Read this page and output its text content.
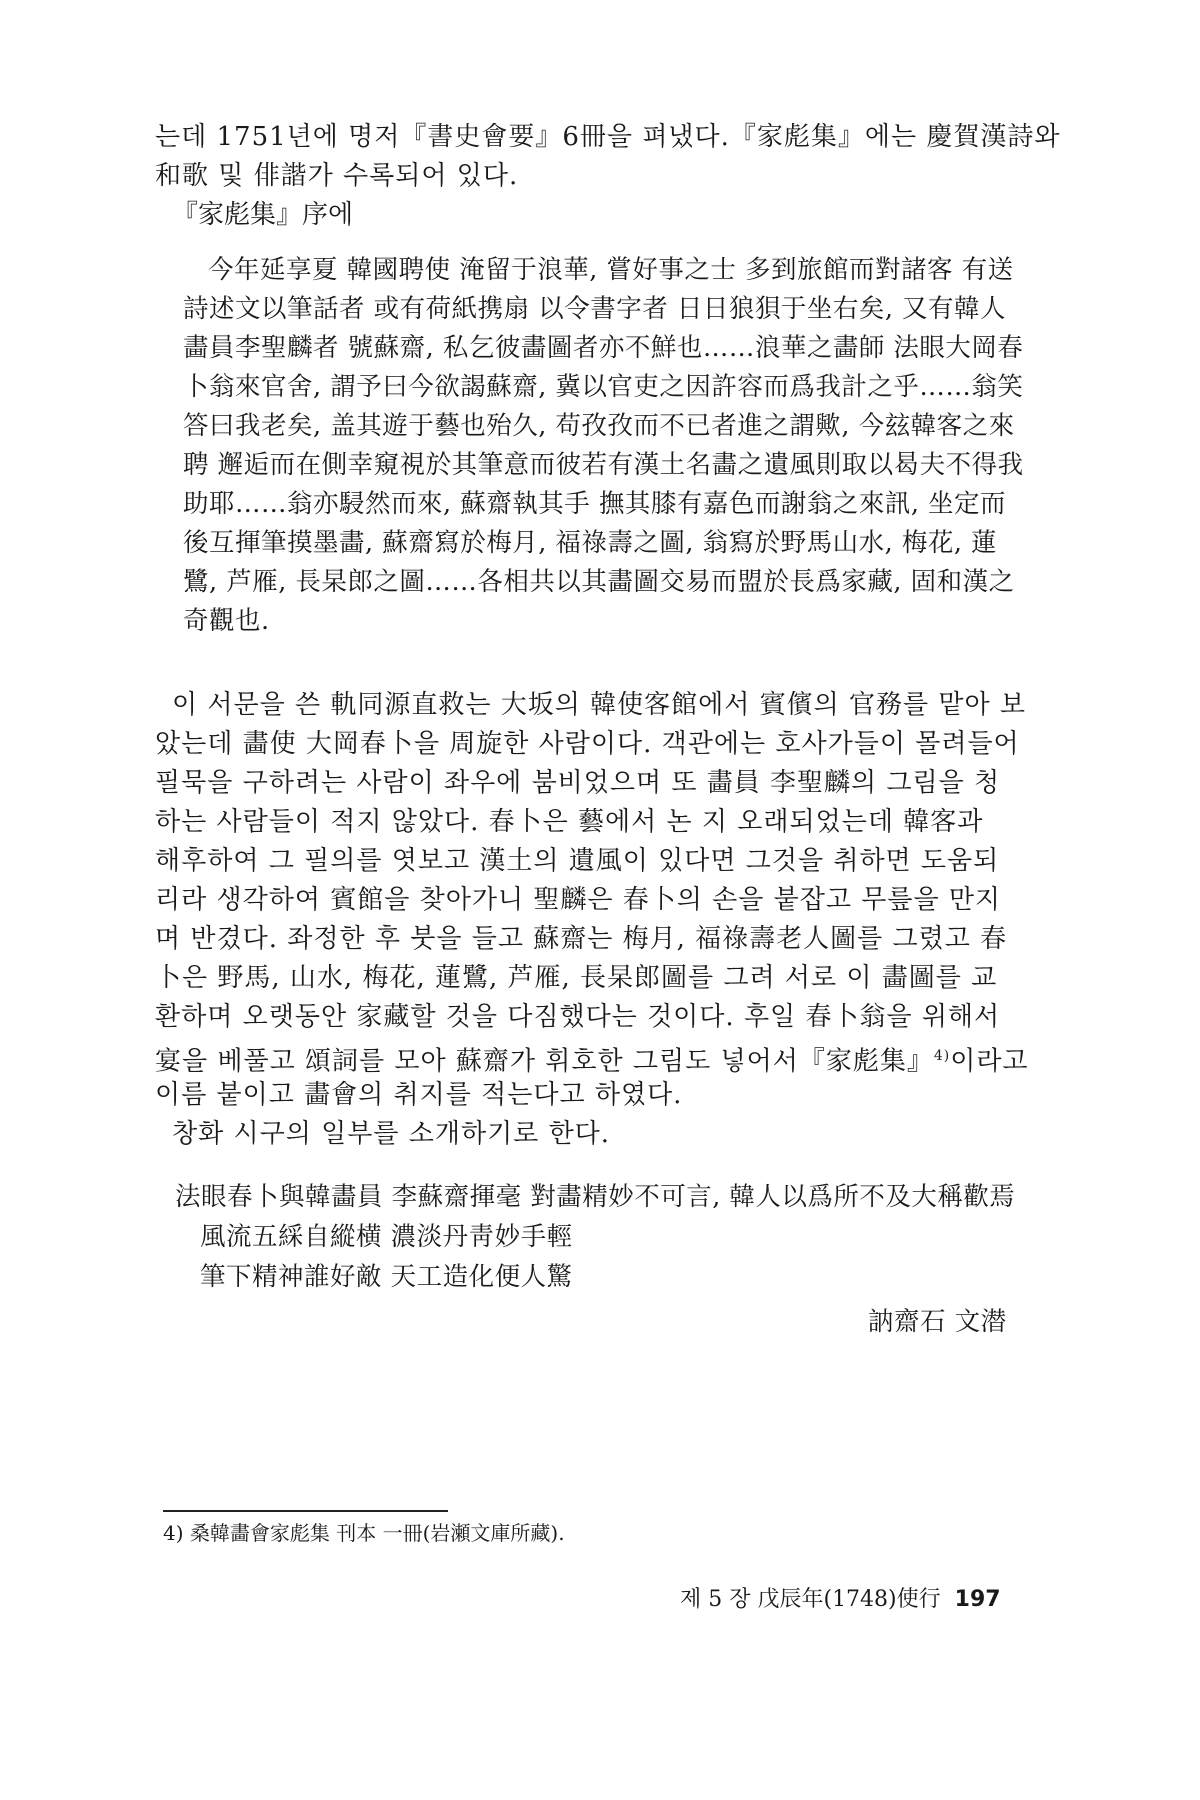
는데 1751년에 명저『書史會要』6冊을 펴냈다.『家彪集』에는 慶賀漢詩와
和歌 및 俳諧가 수록되어 있다.
『家彪集』序에
今年延享夏 韓國聘使 淹留于浪華, 嘗好事之士 多到旅館而對諸客 有送
詩述文以筆話者 或有荷紙携扇 以令書字者 日日狼狽于坐右矣, 又有韓人
畵員李聖麟者 號蘇齋, 私乞彼畵圖者亦不鮮也……浪華之畵師 法眼大岡春
卜翁來官舍, 謂予曰今欲謁蘇齋, 冀以官吏之因許容而爲我計之乎……翁笑
答曰我老矣, 盖其遊于藝也殆久, 苟孜孜而不已者進之謂歟, 今玆韓客之來
聘 邂逅而在側幸窺視於其筆意而彼若有漢土名畵之遺風則取以曷夫不得我
助耶……翁亦駸然而來, 蘇齋執其手 撫其膝有嘉色而謝翁之來訊, 坐定而
後互揮筆摸墨畵, 蘇齋寫於梅月, 福祿壽之圖, 翁寫於野馬山水, 梅花, 蓮
鷺, 芦雁, 長杲郎之圖……各相共以其畵圖交易而盟於長爲家藏, 固和漢之
奇觀也.
이 서문을 쓴 軌同源直救는 大坂의 韓使客館에서 賓儐의 官務를 맡아 보
았는데 畵使 大岡春卜을 周旋한 사람이다. 객관에는 호사가들이 몰려들어
필묵을 구하려는 사람이 좌우에 붐비었으며 또 畵員 李聖麟의 그림을 청
하는 사람들이 적지 않았다. 春卜은 藝에서 논 지 오래되었는데 韓客과
해후하여 그 필의를 엿보고 漢土의 遺風이 있다면 그것을 취하면 도움되
리라 생각하여 賓館을 찾아가니 聖麟은 春卜의 손을 붙잡고 무릎을 만지
며 반겼다. 좌정한 후 붓을 들고 蘇齋는 梅月, 福祿壽老人圖를 그렸고 春
卜은 野馬, 山水, 梅花, 蓮鷺, 芦雁, 長杲郎圖를 그려 서로 이 畵圖를 교
환하며 오랫동안 家藏할 것을 다짐했다는 것이다. 후일 春卜翁을 위해서
宴을 베풀고 頌詞를 모아 蘇齋가 휘호한 그림도 넣어서『家彪集』$^{4)}$이라고
이름 붙이고 畵會의 취지를 적는다고 하였다.
창화 시구의 일부를 소개하기로 한다.
法眼春卜與韓畵員 李蘇齋揮毫 對畵精妙不可言, 韓人以爲所不及大稱歡焉
風流五綵自縱横 濃淡丹靑妙手輕
筆下精神誰好敵 天工造化便人驚
訥齋石 文潜
4) 桑韓畵會家彪集 刊本 一冊(岩瀬文庫所藏).
제 5 장 戊辰年(1748)使行 197
